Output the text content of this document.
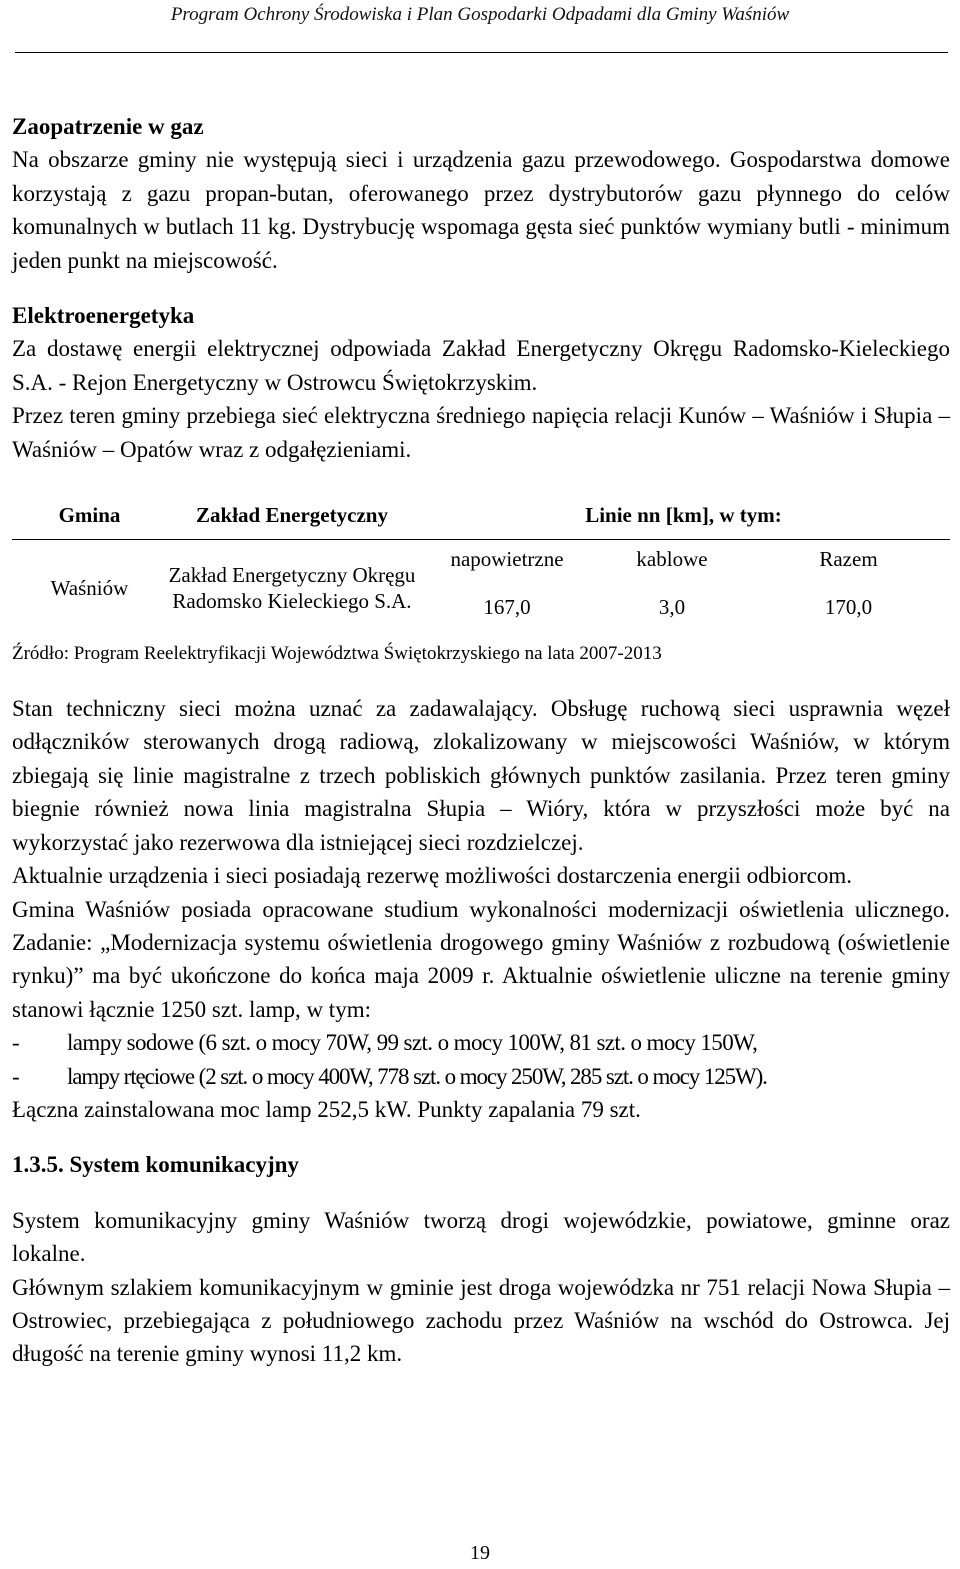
Program Ochrony Środowiska i Plan Gospodarki Odpadami dla Gminy Waśniów

Zaopatrzenie w gaz

Na obszarze gminy nie występują sieci i urządzenia gazu przewodowego. Gospodarstwa domowe korzystają z gazu propan-butan, oferowanego przez dystrybutorów gazu płynnego do celów komunalnych w butlach 11 kg. Dystrybucję wspomaga gęsta sieć punktów wymiany butli - minimum jeden punkt na miejscowość.

Elektroenergetyka

Za dostawę energii elektrycznej odpowiada Zakład Energetyczny Okręgu Radomsko-Kieleckiego S.A. - Rejon Energetyczny w Ostrowcu Świętokrzyskim.

Przez teren gminy przebiega sieć elektryczna średniego napięcia relacji Kunów – Waśniów i Słupia – Waśniów – Opatów wraz z odgałęzieniami.

Gmina	Zakład Energetyczny	Linie nn [km], w tym:		
Waśniów	Zakład Energetyczny Okręgu Radomsko Kieleckiego S.A.	napowietrzne	kablowe	Razem
		167,0	3,0	170,0
Źródło: Program Reelektryfikacji Województwa Świętokrzyskiego na lata 2007-2013

Stan techniczny sieci można uznać za zadawalający. Obsługę ruchową sieci usprawnia węzeł odłączników sterowanych drogą radiową, zlokalizowany w miejscowości Waśniów, w którym zbiegają się linie magistralne z trzech pobliskich głównych punktów zasilania. Przez teren gminy biegnie również nowa linia magistralna Słupia – Wióry, która w przyszłości może być na wykorzystać jako rezerwowa dla istniejącej sieci rozdzielczej.

Aktualnie urządzenia i sieci posiadają rezerwę możliwości dostarczenia energii odbiorcom.

Gmina Waśniów posiada opracowane studium wykonalności modernizacji oświetlenia ulicznego. Zadanie: „Modernizacja systemu oświetlenia drogowego gminy Waśniów z rozbudową (oświetlenie rynku)” ma być ukończone do końca maja 2009 r. Aktualnie oświetlenie uliczne na terenie gminy stanowi łącznie 1250 szt. lamp, w tym:

-	lampy sodowe (6 szt. o mocy 70W, 99 szt. o mocy 100W, 81 szt. o mocy 150W,
-	lampy rtęciowe (2 szt. o mocy 400W, 778 szt. o mocy 250W, 285 szt. o mocy 125W).

Łączna zainstalowana moc lamp 252,5 kW. Punkty zapalania 79 szt.

1.3.5. System komunikacyjny

System komunikacyjny gminy Waśniów tworzą drogi wojewódzkie, powiatowe, gminne oraz lokalne.

Głównym szlakiem komunikacyjnym w gminie jest droga wojewódzka nr 751 relacji Nowa Słupia – Ostrowiec, przebiegająca z południowego zachodu przez Waśniów na wschód do Ostrowca. Jej długość na terenie gminy wynosi 11,2 km.

19
